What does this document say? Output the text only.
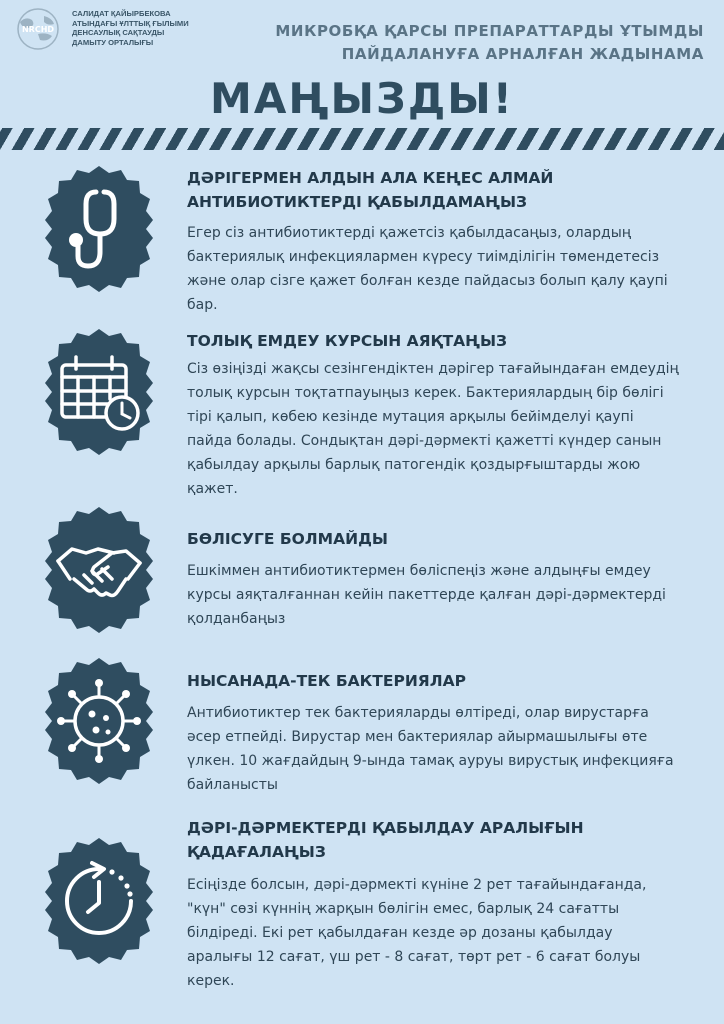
NRCHD
САЛИДАТ ҚАЙЫРБЕКОВА
АТЫНДАҒЫ ҰЛТТЫҚ ҒЫЛЫМИ
ДЕНСАУЛЫҚ САҚТАУДЫ
ДАМЫТУ ОРТАЛЫҒЫ
МИКРОБҚА ҚАРСЫ ПРЕПАРАТТАРДЫ ҰТЫМДЫ
ПАЙДАЛАНУҒА АРНАЛҒАН ЖАДЫНАМА
МАҢЫЗДЫ!
ДӘРІГЕРМЕН АЛДЫН АЛА КЕҢЕС АЛМАЙ
АНТИБИОТИКТЕРДІ ҚАБЫЛДАМАҢЫЗ
Егер сіз антибиотиктерді қажетсіз қабылдасаңыз, олардың
бактериялық инфекциялармен күресу тиімділігін төмендетесіз
және олар сізге қажет болған кезде пайдасыз болып қалу қаупі
бар.
ТОЛЫҚ ЕМДЕУ КУРСЫН АЯҚТАҢЫЗ
Сіз өзіңізді жақсы сезінгендіктен дәрігер тағайындаған емдеудің
толық курсын тоқтатпауыңыз керек. Бактериялардың бір бөлігі
тірі қалып, көбею кезінде мутация арқылы бейімделуі қаупі
пайда болады. Сондықтан дәрі-дәрмекті қажетті күндер санын
қабылдау арқылы барлық патогендік қоздырғыштарды жою
қажет.
БӨЛІСУГЕ БОЛМАЙДЫ
Ешкіммен антибиотиктермен бөліспеңіз және алдыңғы емдеу
курсы аяқталғаннан кейін пакеттерде қалған дәрі-дәрмектерді
қолданбаңыз
НЫСАНАДА-ТЕК БАКТЕРИЯЛАР
Антибиотиктер тек бактерияларды өлтіреді, олар вирустарға
әсер етпейді. Вирустар мен бактериялар айырмашылығы өте
үлкен. 10 жағдайдың 9-ында тамақ ауруы вирустық инфекцияға
байланысты
ДӘРІ-ДӘРМЕКТЕРДІ ҚАБЫЛДАУ АРАЛЫҒЫН
ҚАДАҒАЛАҢЫЗ
Есіңізде болсын, дәрі-дәрмекті күніне 2 рет тағайындағанда,
"күн" сөзі күннің жарқын бөлігін емес, барлық 24 сағатты
білдіреді. Екі рет қабылдаған кезде әр дозаны қабылдау
аралығы 12 сағат, үш рет - 8 сағат, төрт рет - 6 сағат болуы
керек.
